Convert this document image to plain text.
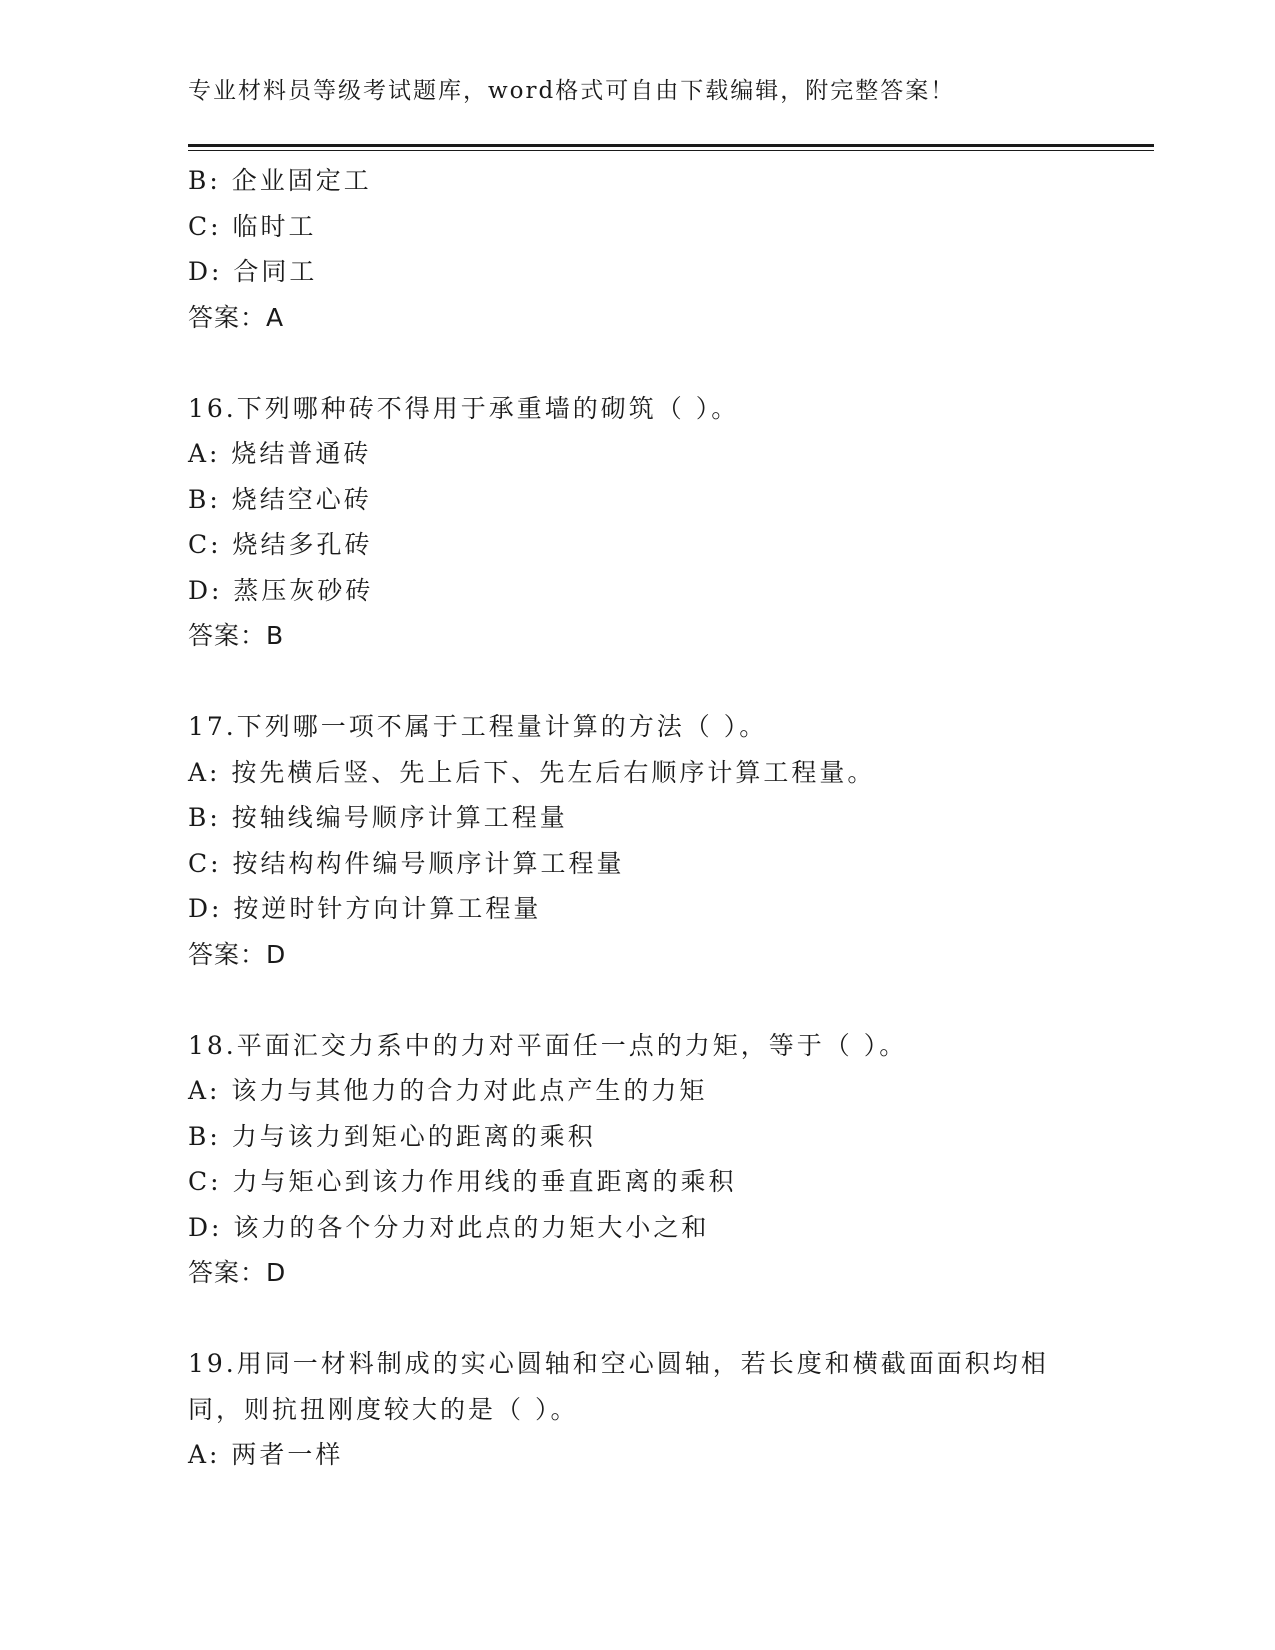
专业材料员等级考试题库，word格式可自由下载编辑，附完整答案！
B: 企业固定工
C: 临时工
D: 合同工
答案：A
16.下列哪种砖不得用于承重墙的砌筑（ ）。
A: 烧结普通砖
B: 烧结空心砖
C: 烧结多孔砖
D: 蒸压灰砂砖
答案：B
17.下列哪一项不属于工程量计算的方法（ ）。
A: 按先横后竖、先上后下、先左后右顺序计算工程量。
B: 按轴线编号顺序计算工程量
C: 按结构构件编号顺序计算工程量
D: 按逆时针方向计算工程量
答案：D
18.平面汇交力系中的力对平面任一点的力矩，等于（ ）。
A: 该力与其他力的合力对此点产生的力矩
B: 力与该力到矩心的距离的乘积
C: 力与矩心到该力作用线的垂直距离的乘积
D: 该力的各个分力对此点的力矩大小之和
答案：D
19.用同一材料制成的实心圆轴和空心圆轴，若长度和横截面面积均相
同，则抗扭刚度较大的是（ ）。
A: 两者一样
